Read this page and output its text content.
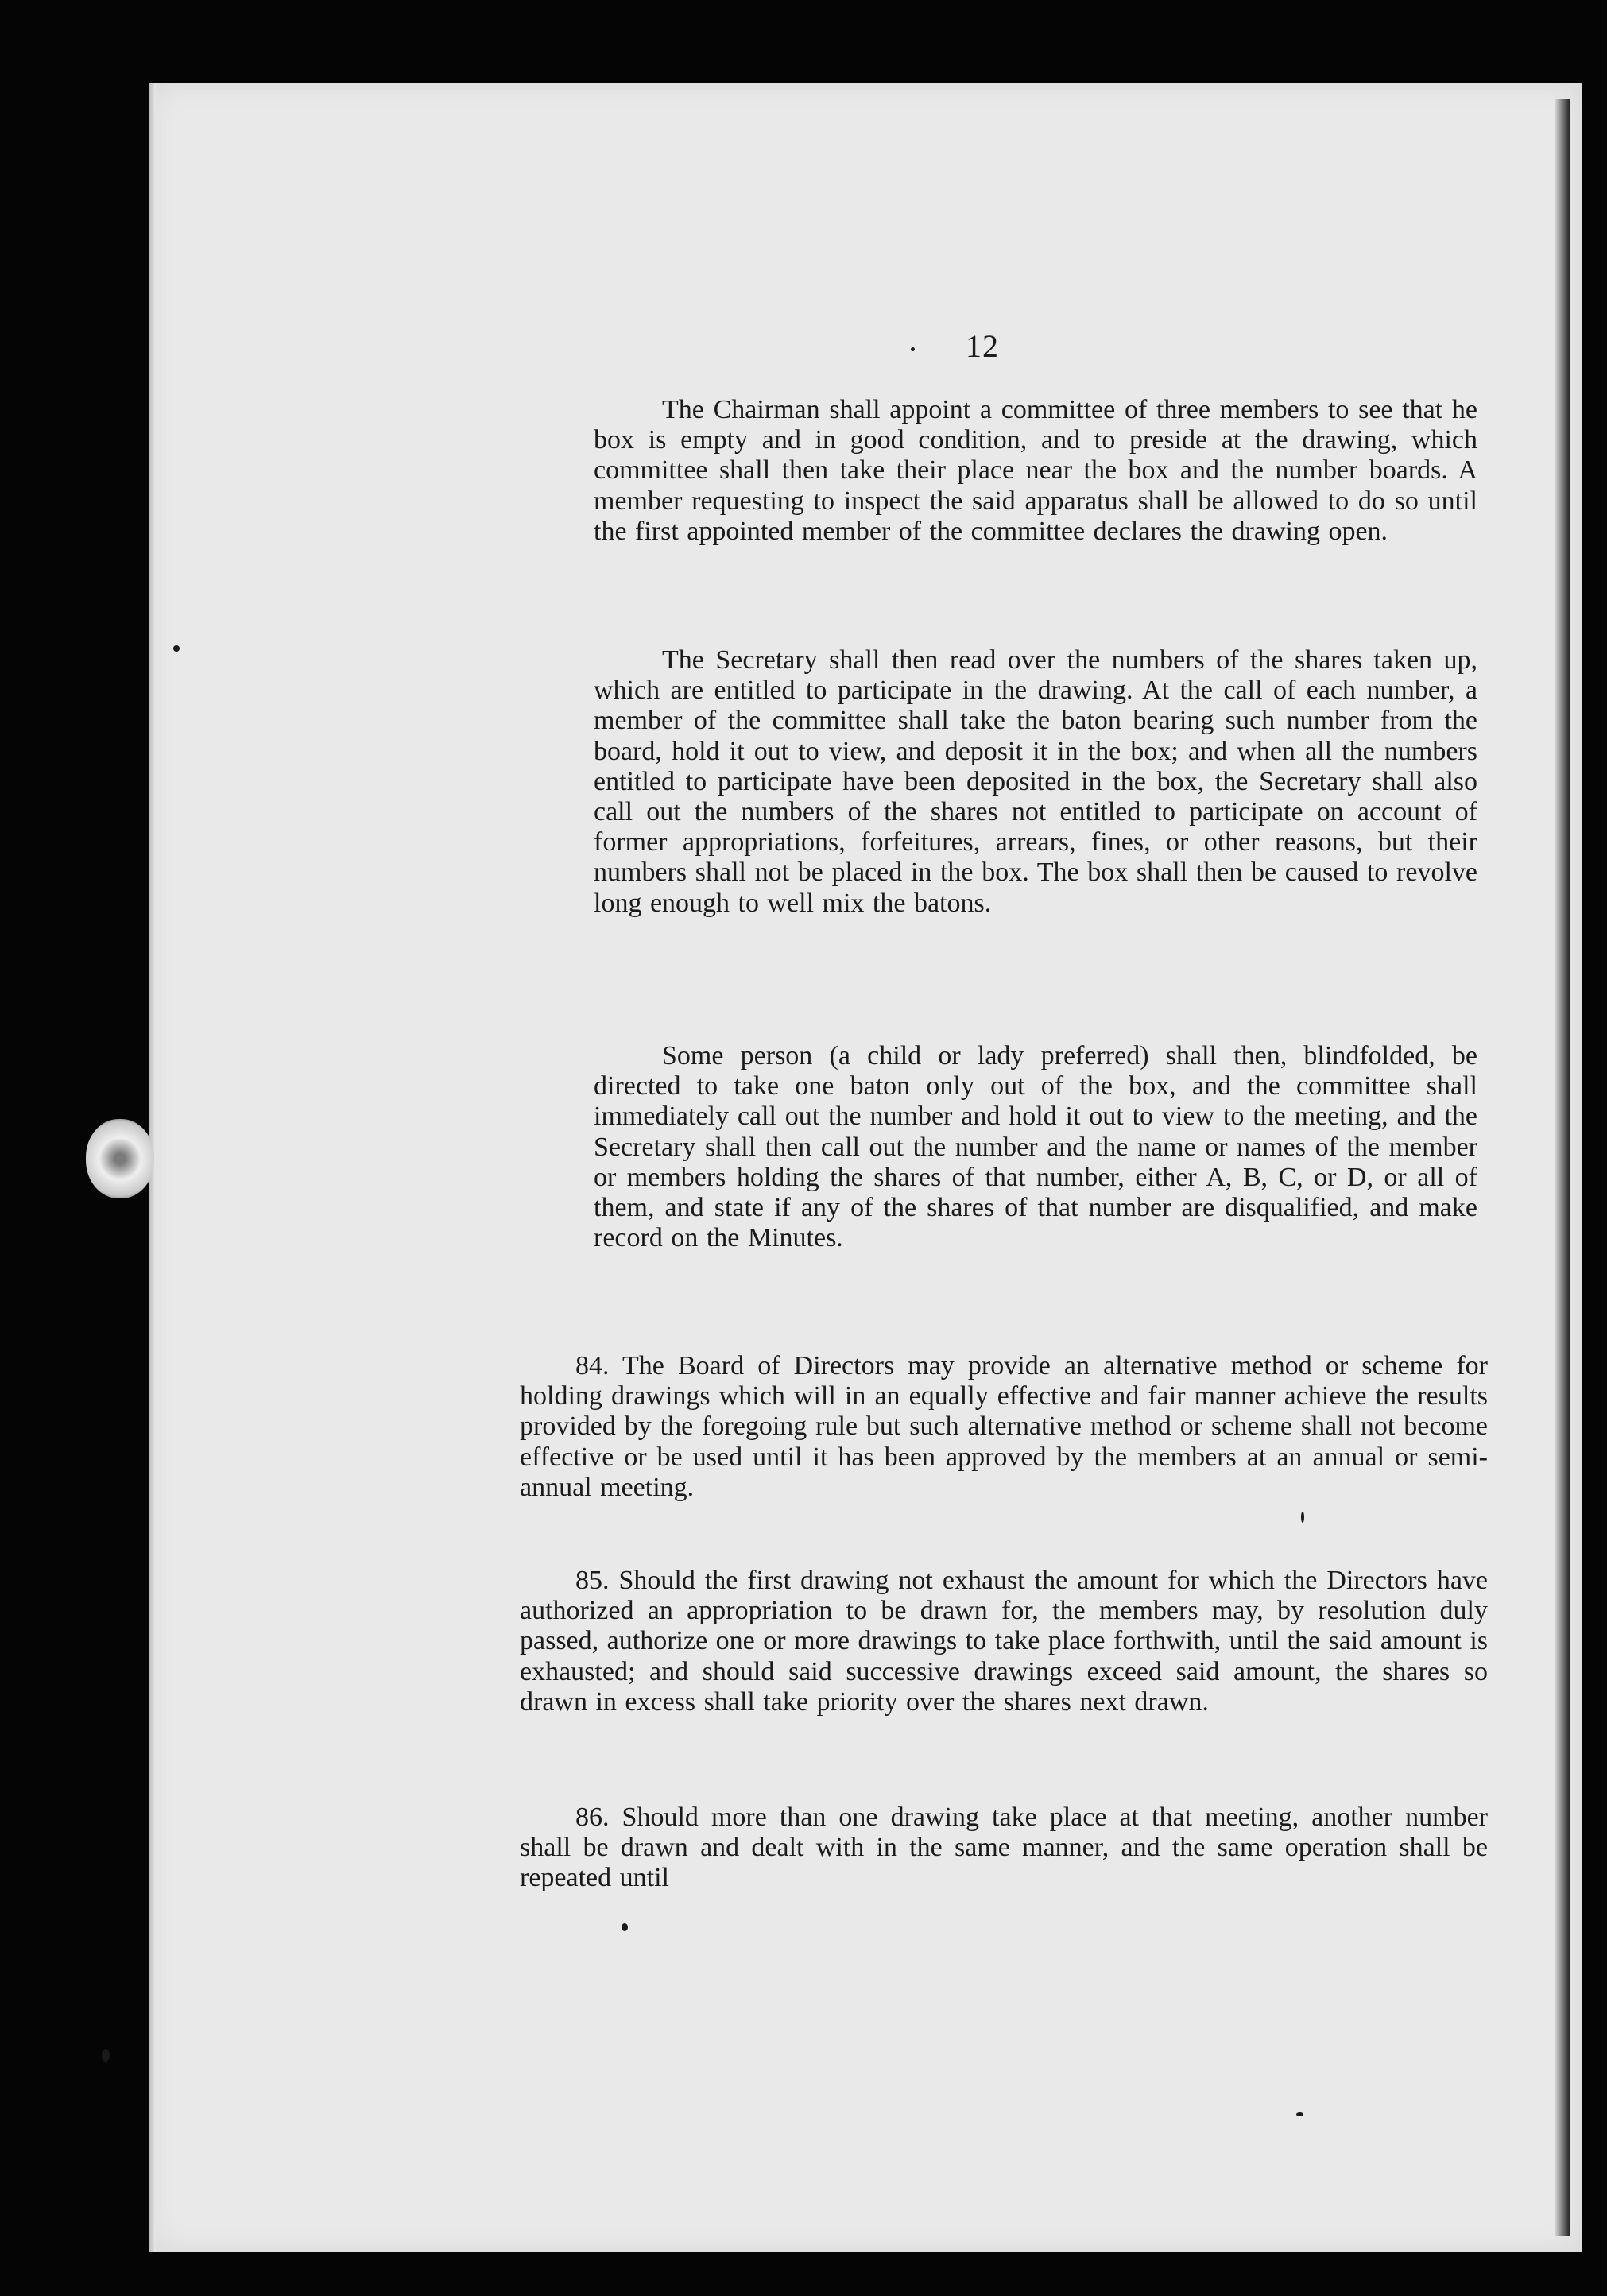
12

The Chairman shall appoint a committee of three members to see that he box is empty and in good condition, and to preside at the drawing, which committee shall then take their place near the box and the number boards. A member requesting to inspect the said apparatus shall be allowed to do so until the first appointed member of the committee declares the drawing open.

The Secretary shall then read over the numbers of the shares taken up, which are entitled to participate in the drawing. At the call of each number, a member of the committee shall take the baton bearing such number from the board, hold it out to view, and deposit it in the box; and when all the numbers entitled to participate have been deposited in the box, the Secretary shall also call out the numbers of the shares not entitled to participate on account of former appropriations, forfeitures, arrears, fines, or other reasons, but their numbers shall not be placed in the box. The box shall then be caused to revolve long enough to well mix the batons.

Some person (a child or lady preferred) shall then, blindfolded, be directed to take one baton only out of the box, and the committee shall immediately call out the number and hold it out to view to the meeting, and the Secretary shall then call out the number and the name or names of the member or members holding the shares of that number, either A, B, C, or D, or all of them, and state if any of the shares of that number are disqualified, and make record on the Minutes.

84. The Board of Directors may provide an alternative method or scheme for holding drawings which will in an equally effective and fair manner achieve the results provided by the foregoing rule but such alternative method or scheme shall not become effective or be used until it has been approved by the members at an annual or semi-annual meeting.

85. Should the first drawing not exhaust the amount for which the Directors have authorized an appropriation to be drawn for, the members may, by resolution duly passed, authorize one or more drawings to take place forthwith, until the said amount is exhausted; and should said successive drawings exceed said amount, the shares so drawn in excess shall take priority over the shares next drawn.

86. Should more than one drawing take place at that meeting, another number shall be drawn and dealt with in the same manner, and the same operation shall be repeated until
